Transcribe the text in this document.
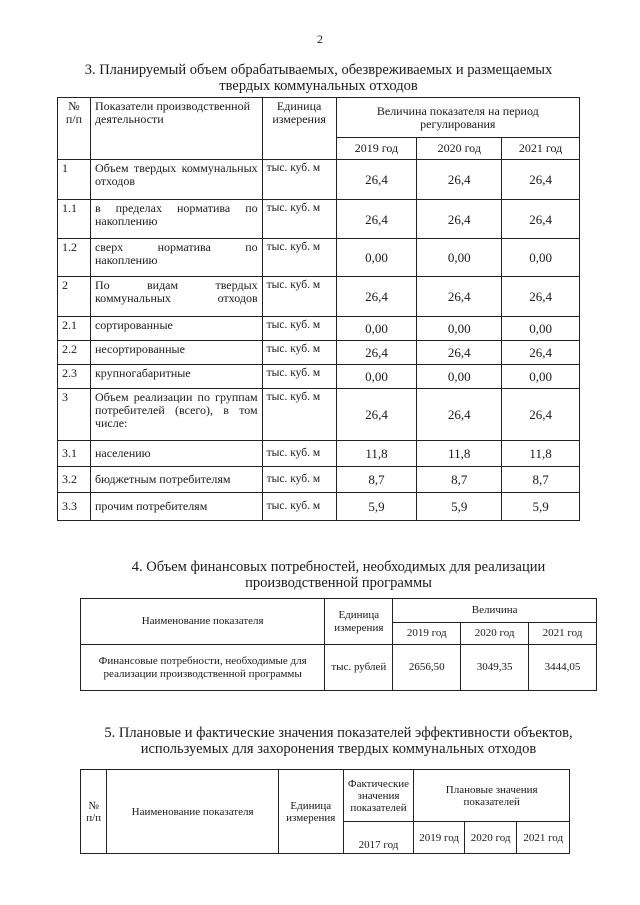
2
3. Планируемый объем обрабатываемых, обезвреживаемых и размещаемых
твердых коммунальных отходов
№ п/п	Показатели производственной деятельности	Единица измерения	Величина показателя на период регулирования		
			2019 год	2020 год	2021 год
1	Объем твердых коммунальных отходов	тыс. куб. м	26,4	26,4	26,4
1.1	в пределах норматива по накоплению	тыс. куб. м	26,4	26,4	26,4
1.2	сверх норматива по накоплению	тыс. куб. м	0,00	0,00	0,00
2	По видам твердых коммунальных отходов	тыс. куб. м	26,4	26,4	26,4
2.1	сортированные	тыс. куб. м	0,00	0,00	0,00
2.2	несортированные	тыс. куб. м	26,4	26,4	26,4
2.3	крупногабаритные	тыс. куб. м	0,00	0,00	0,00
3	Объем реализации по группам потребителей (всего), в том числе:	тыс. куб. м	26,4	26,4	26,4
3.1	населению	тыс. куб. м	11,8	11,8	11,8
3.2	бюджетным потребителям	тыс. куб. м	8,7	8,7	8,7
3.3	прочим потребителям	тыс. куб. м	5,9	5,9	5,9
4. Объем финансовых потребностей, необходимых для реализации
производственной программы
Наименование показателя	Единица измерения	Величина		
		2019 год	2020 год	2021 год
Финансовые потребности, необходимые для реализации производственной программы	тыс. рублей	2656,50	3049,35	3444,05
5. Плановые и фактические значения показателей эффективности объектов,
используемых для захоронения твердых коммунальных отходов
№ п/п	Наименование показателя	Единица измерения	Фактические значения показателей	Плановые значения показателей		
			2017 год	2019 год	2020 год	2021 год
